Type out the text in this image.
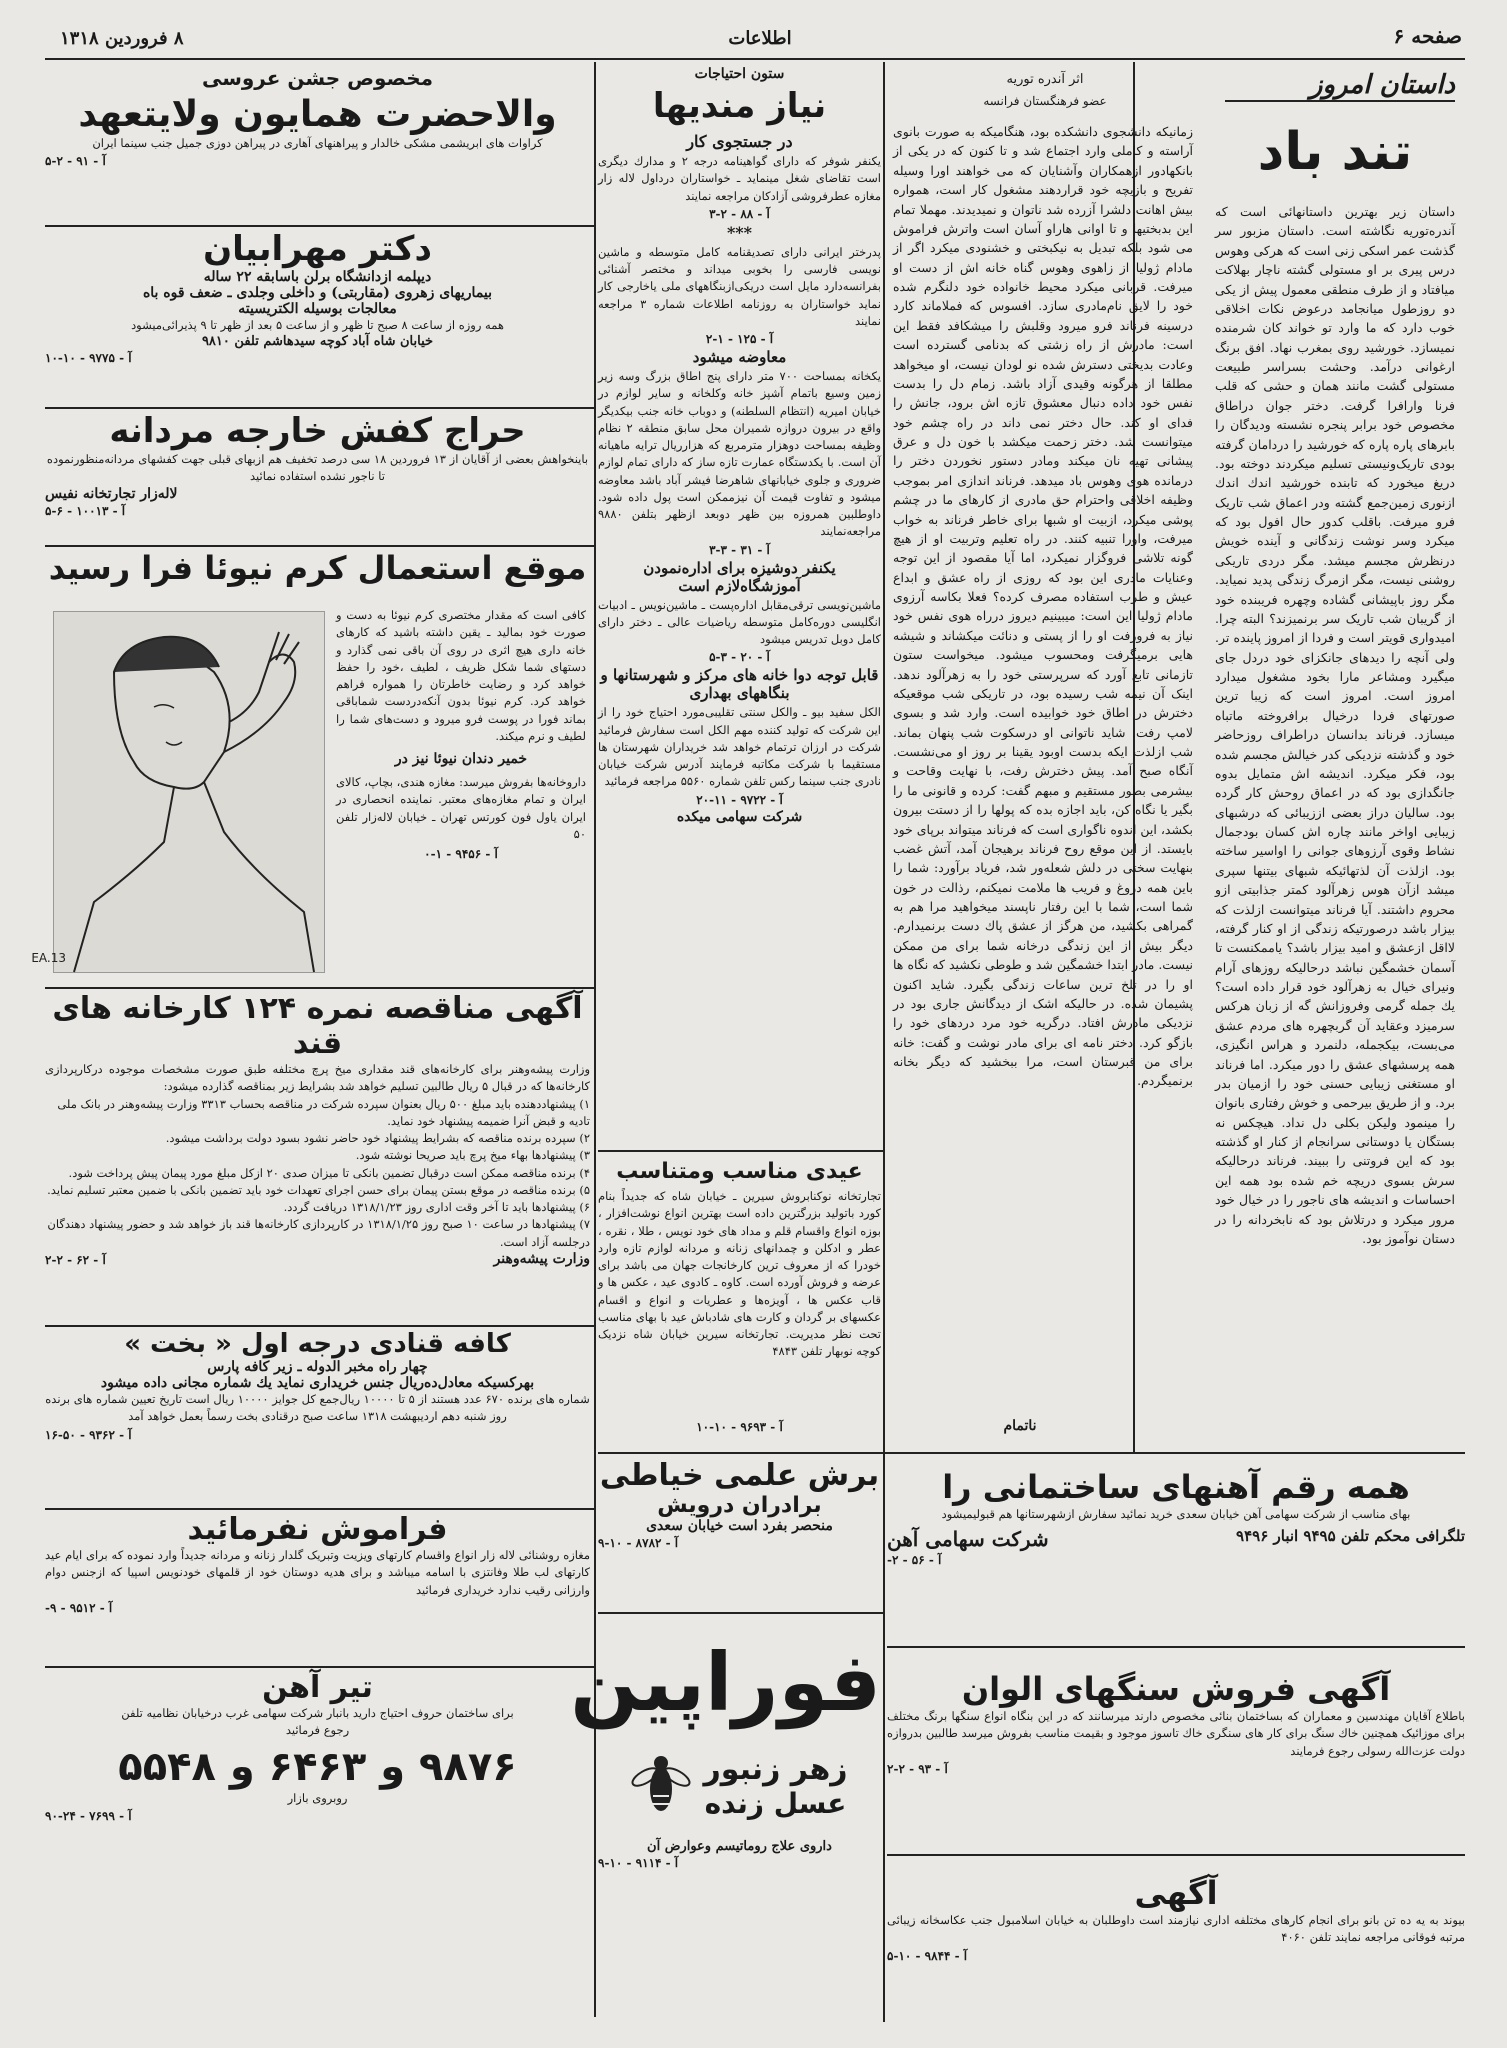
صفحه ۶
اطلاعات
۸ فروردین ۱۳۱۸
داستان امروز
اثر آندره توریه
عضو فرهنگستان فرانسه
تند باد
داستان زیر بهترین داستانهائی است که آندره‌توریه نگاشته است. داستان مزبور سر گذشت عمر اسکی زنی است که هرکی وهوس درس پیری بر او مستولی گشته ناچار بهلاکت میافتاد و از طرف منطقی معمول پیش از یکی دو روزطول میانجامد درعوض نکات اخلاقی خوب دارد که ما وارد تو خواند کان شرمنده نمیسازد. خورشید روی بمغرب نهاد. افق برنگ ارغوانی درآمد. وحشت بسراسر طبیعت مستولی گشت مانند همان و حشی که قلب فرنا وارافرا گرفت. دختر جوان دراطاق مخصوص خود برابر پنجره نشسته ودیدگان را بابرهای پاره پاره که خورشید را دردامان گرفته بودی تاریک‌ونیستی تسلیم میکردند دوخته بود. دریغ میخورد که تابنده خورشید اندك اندك ازنوری زمین‌جمع گشته ودر اعماق شب تاریک فرو میرفت. باقلب کدور حال افول بود که میکرد وسر نوشت زندگانی و آینده خویش درنظرش مجسم میشد. مگر دردی تاریکی روشنی نیست، مگر ازمرگ زندگی پدید نمیاید. مگر روز باپیشانی گشاده وچهره فریبنده خود از گریبان شب تاریک سر برنمیزند؟ البته چرا. امیدواری قویتر است و فردا از امروز پاینده تر. ولی آنچه را دیدهای جانکزای خود دردل جای میگیرد ومشاعر مارا بخود مشغول میدارد امروز است. امروز است که زیبا ترین صورتهای فردا درخیال برافروخته ماتباه میسازد. فرناند بدانسان دراطراف روزحاضر خود و گذشته نزدیکی کدر خیالش مجسم شده بود، فکر میکرد. اندیشه اش متمایل بدوه جانگدازی بود که در اعماق روحش کار گرده بود. سالیان دراز بعضی اززیبائی که درشبهای زیبایی اواخر مانند چاره اش کسان بودجمال نشاط وقوی آرزوهای جوانی را اواسیر ساخته بود. ازلذت آن لذتهائیکه شبهای بیتنها سپری میشد ازآن هوس زهرآلود کمتر جذابیتی ازو محروم داشتند. آیا فرناند میتوانست ازلذت که بیزار باشد درصورتیکه زندگی از او کنار گرفته، لااقل ازعشق و امید بیزار باشد؟ یاممکنست تا آسمان خشمگین نباشد درحالیکه روزهای آرام ونیرای خیال به زهرآلود خود قرار داده است؟ یك جمله گرمی وفروزانش گه از زبان هرکس سرمیزد وعقاید آن گربچهره های مردم عشق می‌بست، بیکجمله، دلنمرد و هراس انگیزی، همه پرسشهای عشق را دور میکرد. اما فرناند او مستغنی زیبایی حسنی خود را ازمیان بدر برد. و از طریق بیرحمی و خوش رفتاری بانوان را مینمود ولیکن بکلی دل نداد. هیچکس نه بستگان یا دوستانی سرانجام از کنار او گذشته بود که این فروتنی را ببیند. فرناند درحالیکه سرش بسوی دریچه خم شده بود همه این احساسات و اندیشه های ناجور را در خیال خود مرور میکرد و درتلاش بود که نابخردانه را در دستان نوآموز بود.
زمانیکه دانشجوی دانشکده بود، هنگامیکه به صورت بانوی آراسته و کاملی وارد اجتماع شد و تا کنون که در یکی از بانکهادور ازهمکاران وآشنایان که می خواهند اورا وسیله تفریح و بازیچه خود قراردهند مشغول کار است، همواره بیش اهانت دلشرا آزرده شد ناتوان و نمیدیدند. مهملا تمام این بدبختیها و تا اوانی هاراو آسان است واترش فراموش می شود بلکه تبدیل به نیکبختی و خشنودی میکرد اگر از مادام ژولیا از زاهوی وهوس گناه خانه اش از دست او میرفت. قربانی میکرد محیط خانواده خود دلنگرم شده خود را لایق نام‌مادری سازد. افسوس که فملاماند کارد درسینه فرناند فرو میرود وقلبش را میشکافد فقط این است: مادرش از راه زشتی که بدنامی گسترده است وعادت بدیختی دسترش شده نو لودان نیست، او میخواهد مطلقا از هرگونه وقیدی آزاد باشد. زمام دل را بدست نفس خود داده دنبال معشوق تازه اش برود، جانش را فدای او کند. حال دختر نمی داند در راه چشم خود میتوانست شد. دختر زحمت میکشد با خون دل و عرق پیشانی تهیه نان میکند ومادر دستور نخوردن دختر را درمانده هوی وهوس باد میدهد. فرناند اندازی امر بموجب وظیفه اخلاقی واحترام حق مادری از کارهای ما در چشم پوشی میکرد، ازبیت او شبها برای خاطر فرناند به خواب میرفت، واورا تنبیه کنند. در راه تعلیم وتربیت او از هیچ گونه تلاشی فروگزار نمیکرد، اما آیا مقصود از این توجه وعنایات مادری این بود که روزی از راه عشق و ابداع عیش و طرب استفاده مصرف کرده؟ فعلا بکاسه آرزوی مادام ژولیا این است: میبینیم دیروز درراه هوی نفس خود نیاز به فرورفت او را از پستی و دنائت میکشاند و شیشه هایی برمیگرفت ومحسوب میشود. میخواست ستون تازمانی تابع آورد که سرپرستی خود را به زهرآلود ندهد. اینک آن نیمه شب رسیده بود، در تاریکی شب موقعیکه دخترش در اطاق خود خوابیده است. وارد شد و بسوی لامپ رفت. شاید ناتوانی او درسکوت شب پنهان بماند. شب ازلذت ایکه بدست اوبود یقینا بر روز او می‌نشست. آنگاه صبح آمد. پیش دخترش رفت، با نهایت وقاحت و بیشرمی بطور مستقیم و مبهم گفت: کرده و قانونی ما را بگیر یا نگاه کن، باید اجازه بده که پولها را از دستت بیرون بکشد، این اندوه ناگواری است که فرناند میتواند برپای خود بایستد. از این موقع روح فرناند برهیجان آمد، آتش غضب بنهایت سختی در دلش شعله‌ور شد، فریاد برآورد: شما را باین همه دروغ و فریب ها ملامت نمیکنم، رذالت در خون شما است، شما با این رفتار ناپسند میخواهید مرا هم به گمراهی بکشید، من هرگز از عشق پاك دست برنمیدارم. دیگر بیش از این زندگی درخانه شما برای من ممکن نیست. مادر ابتدا خشمگین شد و طوطی نکشید که نگاه ها او را در تلخ ترین ساعات زندگی بگیرد. شاید اکنون پشیمان شده. در حالیکه اشک از دیدگانش جاری بود در نزدیکی مادرش افتاد. درگریه خود مرد دردهای خود را بازگو کرد. دختر نامه ای برای مادر نوشت و گفت: خانه برای من قبرستان است، مرا ببخشید که دیگر بخانه برنمیگردم.
ناتمام
ستون احتیاجات
نیاز مندیها
در جستجوی کار
یکنفر شوفر که دارای گواهینامه درجه ۲ و مدارك دیگری است تقاضای شغل مینماید ـ خواستاران درداول لاله زار مغازه عطرفروشی آزادکان مراجعه نمایند
آ - ۸۸ - ۲-۳
***
پدرختر ایرانی دارای تصدیقنامه کامل متوسطه و ماشین نویسی فارسی را بخوبی میداند و مختصر آشنائی بفرانسه‌دارد مایل است دریکی‌ازبنگاههای ملی یاخارجی کار نماید خواستاران به روزنامه اطلاعات شماره ۳ مراجعه نمایند
آ - ۱۲۵ - ۱-۲
معاوضه میشود
یکخانه بمساحت ۷۰۰ متر دارای پنج اطاق بزرگ وسه زیر زمین وسیع باتمام آشپز خانه وکلخانه و سایر لوازم در خیابان امیریه (انتظام السلطنه) و دوباب خانه جنب بیکدیگر واقع در بیرون دروازه شمیران محل سابق منطقه ۲ نظام وظیفه بمساحت دوهزار مترمربع که هزارریال ترایه ماهیانه آن است. با یکدستگاه عمارت تازه ساز که دارای تمام لوازم ضروری و جلوی خیابانهای شاهرضا فیشر آباد باشد معاوضه میشود و تفاوت قیمت آن نیزممکن است پول داده شود. داوطلبین همروزه بین ظهر دوبعد ازظهر بتلفن ۹۸۸۰ مراجعه‌نمایند
آ - ۳۱ - ۳-۳
یکنفر دوشیزه برای اداره‌نمودن آموزشگاه‌لازم است
ماشین‌نویسی ترقی‌مقابل اداره‌پست ـ ماشین‌نویس ـ ادبیات انگلیسی دوره‌کامل متوسطه ریاضیات عالی ـ دختر دارای کامل دوبل تدریس میشود
آ - ۲۰ - ۳-۵
قابل توجه دوا خانه های مرکز و شهرستانها و بنگاههای بهداری
الکل سفید بیو ـ والکل سنتی تقلیبی‌مورد احتیاج خود را از این شرکت که تولید کننده مهم الکل است سفارش فرمائید شرکت در ارزان ترتمام خواهد شد خریداران شهرستان ها مستقیما با شرکت مکاتبه فرمایند آدرس شرکت خیابان نادری جنب سینما رکس تلفن شماره ۵۵۶۰ مراجعه فرمائید
آ - ۹۷۲۲ - ۱۱-۲۰
شرکت سهامی میکده
عیدی مناسب ومتناسب
تجارتخانه نوکنابروش سیرین ـ خیابان شاه که جدیداً بنام کورد باتولید بزرگترین داده است بهترین انواع نوشت‌افزار ، بوزه انواع واقسام قلم و مداد های خود نویس ، طلا ، نقره ، عطر و ادکلن و چمدانهای زنانه و مردانه لوازم تازه وارد خودرا که از معروف ترین کارخانجات جهان می باشد برای عرضه و فروش آورده است. کاوه ـ کادوی عید ، عکس ها و قاب عکس ها ، آویزه‌ها و عطریات و انواع و اقسام عکسهای بر گردان و کارت های شادباش عید با بهای مناسب تحت نظر مدیریت. تجارتخانه سیرین خیابان شاه نزدیک کوچه نوبهار تلفن ۴۸۴۳
آ - ۹۶۹۳ - ۱۰-۱۰
مخصوص جشن عروسی
والاحضرت همایون ولایتعهد
کراوات های ابریشمی مشکی خالدار و پیراهنهای آهاری در پیراهن دوزی جمیل جنب سینما ایران
آ - ۹۱ - ۲-۵
دکتر مهرابیان
دیپلمه ازدانشگاه برلن باسابقه ۲۲ ساله
بیماریهای زهروی (مقاربتی) و داخلی وجلدی ـ ضعف قوه باه
معالجات بوسیله الکتریسیته
همه روزه از ساعت ۸ صبح تا ظهر و از ساعت ۵ بعد از ظهر تا ۹ پذیرائی‌میشود
خیابان شاه آباد کوچه سیدهاشم تلفن ۹۸۱۰
آ - ۹۷۷۵ - ۱۰-۱۰
حراج کفش خارجه مردانه
باینخواهش بعضی از آقایان از ۱۳ فروردین ۱۸ سی درصد تخفیف هم ازبهای قبلی جهت کفشهای مردانه‌منظورنموده تا ناجور نشده استفاده نمائید
لاله‌زار تجارتخانه نفیس
آ - ۱۰۰۱۳ - ۶-۵
موقع استعمال کرم نیوئا فرا رسید
کافی است که مقدار مختصری کرم نیوئا به دست و صورت خود بمالید ـ یقین داشته باشید که کارهای خانه داری هیچ اثری در روی آن باقی نمی گذارد و دستهای شما شکل ظریف ، لطیف‌ ،خود را حفظ خواهد کرد و رضایت خاطرتان را همواره فراهم خواهد کرد. کرم نیوئا بدون آنکه‌دردست شما‌باقی بماند فورا در پوست فرو میرود و دست‌های شما را لطیف و نرم میکند.
خمیر دندان نیوئا نیز در
داروخانه‌ها بفروش میرسد: مغازه هندی، بچاپ، کالای ایران و تمام مغازه‌های معتبر. نماینده انحصاری در ایران یاول فون کورتس تهران ـ خیابان لاله‌زار تلفن ۵۰
آ - ۹۴۵۶ - ۱-۰
EA.13
آگهی مناقصه نمره ۱۲۴ کارخانه های قند
وزارت پیشه‌وهنر برای کارخانه‌های قند مقداری میخ پرچ مختلفه طبق صورت مشخصات موجوده درکارپردازی کارخانه‌ها که در قبال ۵ ریال طالبین تسلیم خواهد شد بشرایط زیر بمناقصه گذارده میشود:
۱) پیشنهاددهنده باید مبلغ ۵۰۰ ریال بعنوان سپرده شرکت در مناقصه بحساب ۳۳۱۳ وزارت پیشه‌وهنر در بانک ملی تادیه و قبض آنرا ضمیمه پیشنهاد خود نماید.
۲) سپرده برنده مناقصه که بشرایط پیشنهاد خود حاضر نشود بسود دولت برداشت میشود.
۳) پیشنهادها بهاء میخ پرچ باید صریحا نوشته شود.
۴) برنده مناقصه ممکن است درقبال تضمین بانکی تا میزان صدی ۲۰ ازکل مبلغ مورد پیمان پیش پرداخت شود.
۵) برنده مناقصه در موقع بستن پیمان برای حسن اجرای تعهدات خود باید تضمین بانکی با ضمین معتبر تسلیم نماید.
۶) پیشنهادها باید تا آخر وقت اداری روز ۱۳۱۸/۱/۲۳ دریافت گردد.
۷) پیشنهادها در ساعت ۱۰ صبح روز ۱۳۱۸/۱/۲۵ در کارپردازی کارخانه‌ها قند باز خواهد شد و حضور پیشنهاد دهندگان درجلسه آزاد است.
وزارت پیشه‌وهنر
آ - ۶۲ - ۲-۲
کافه قنادی درجه اول « بخت »
چهار راه مخبر الدوله ـ زیر کافه پارس
بهرکسیکه معادل‌ده‌ریال جنس خریداری نماید یك شماره مجانی داده میشود
شماره های برنده ۶۷۰ عدد هستند از ۵ تا ۱۰۰۰۰ ریال‌جمع کل جوایز ۱۰۰۰۰ ریال است تاریخ تعیین شماره های برنده روز شنبه دهم اردیبهشت ۱۳۱۸ ساعت صبح درقنادی بخت رسماً بعمل خواهد آمد
آ - ۹۳۶۲ - ۵۰-۱۶
فراموش نفرمائید
مغازه روشنائی لاله زار انواع واقسام کارتهای ویزیت وتبریک گلدار زنانه و مردانه جدیداً وارد نموده که برای ایام عید کارتهای لب طلا وفانتزی با اسامه میباشد و برای هدیه دوستان خود از قلمهای خودنویس اسپیا که ازجنس دوام وارزانی رقیب ندارد خریداری فرمائید
آ - ۹۵۱۲ - ۹-
تیر آهن
برای ساختمان حروف احتیاج دارید بانبار شرکت سهامی غرب درخیابان نظامیه تلفن
رجوع فرمائید
۹۸۷۶ و ۶۴۶۳ و ۵۵۴۸
روبروی بازار
آ - ۷۶۹۹ - ۲۴-۹۰
برش علمی خیاطی
برادران درویش
منحصر بفرد است خیابان سعدی
آ - ۸۷۸۲ - ۱۰-۹
فوراپین
زهر زنبور
عسل زنده
داروی علاج روماتیسم وعوارض آن
آ - ۹۱۱۴ - ۱۰-۹
همه رقم آهنهای ساختمانی را
بهای مناسب از شرکت سهامی آهن خیابان سعدی خرید نمائید سفارش ازشهرستانها هم قبولیمیشود
تلگرافی محکم تلفن ۹۴۹۵ انبار ۹۴۹۶
شرکت سهامی آهن
آ - ۵۶ - ۲-
آگهی فروش سنگهای الوان
باطلاع آقایان مهندسین و معماران که بساختمان بنائی مخصوص دارند میرسانند که در این بنگاه انواع سنگها برنگ مختلف برای موزائیک همچنین خاك سنگ برای کار های سنگری خاك تاسوز موجود و بقیمت مناسب بفروش میرسد طالبین بدروازه دولت عزت‌الله رسولی رجوع فرمایند
آ - ۹۳ - ۲-۲
آگهی
بیوند به یه ده تن بانو برای انجام کارهای مختلفه اداری نیازمند است داوطلبان به خیابان اسلامبول جنب عکاسخانه زیبائی مرتبه فوقانی مراجعه نمایند تلفن ۴۰۶۰
آ - ۹۸۴۴ - ۱۰-۵
